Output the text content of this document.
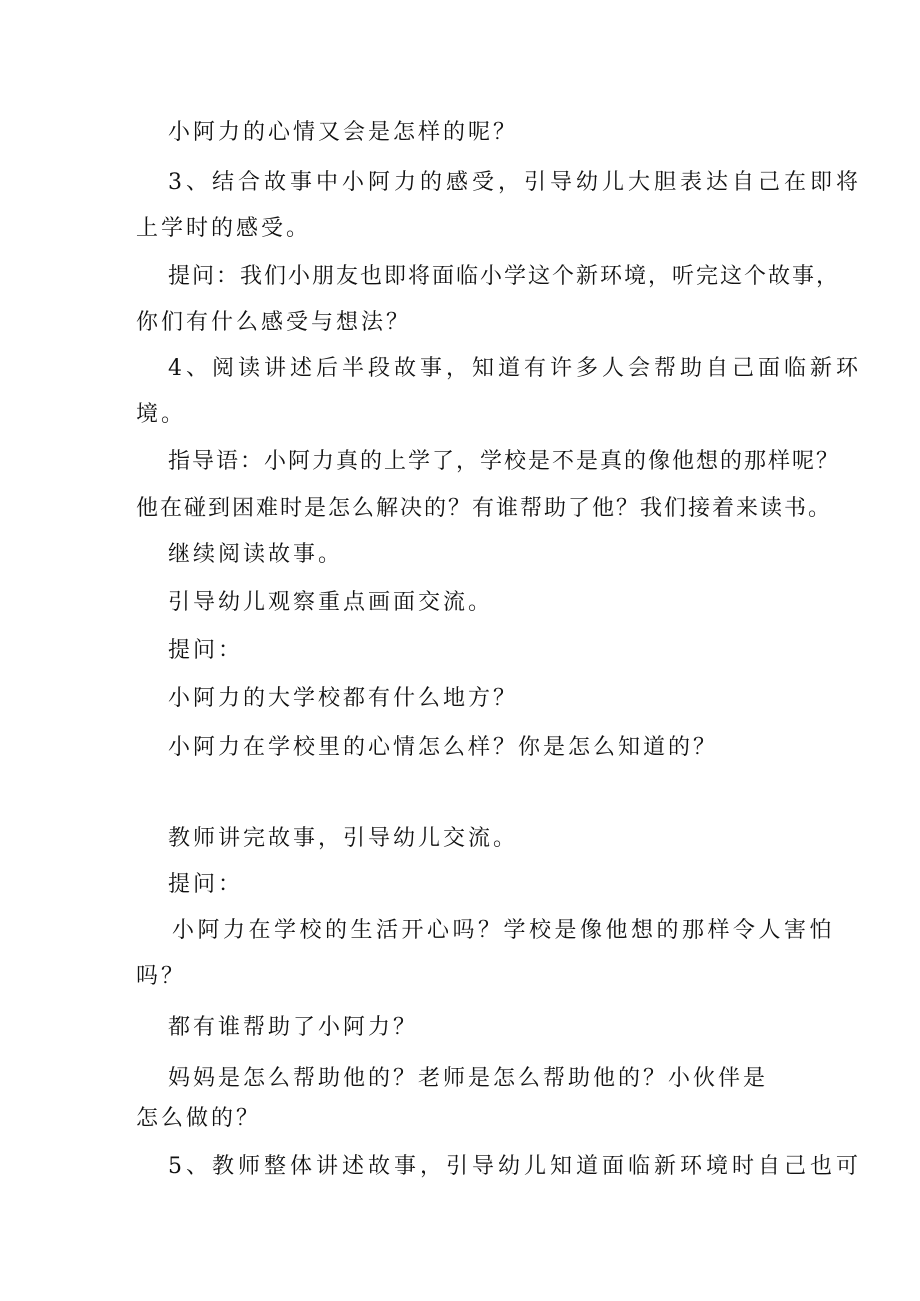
小阿力的心情又会是怎样的呢？
3、结合故事中小阿力的感受，引导幼儿大胆表达自己在即将
上学时的感受。
提问：我们小朋友也即将面临小学这个新环境，听完这个故事，
你们有什么感受与想法？
4、阅读讲述后半段故事，知道有许多人会帮助自己面临新环
境。
指导语：小阿力真的上学了，学校是不是真的像他想的那样呢？
他在碰到困难时是怎么解决的？有谁帮助了他？我们接着来读书。
继续阅读故事。
引导幼儿观察重点画面交流。
提问：
小阿力的大学校都有什么地方？
小阿力在学校里的心情怎么样？你是怎么知道的？
教师讲完故事，引导幼儿交流。
提问：
小阿力在学校的生活开心吗？学校是像他想的那样令人害怕
吗？
都有谁帮助了小阿力？
妈妈是怎么帮助他的？老师是怎么帮助他的？小伙伴是
怎么做的？
5、教师整体讲述故事，引导幼儿知道面临新环境时自己也可
